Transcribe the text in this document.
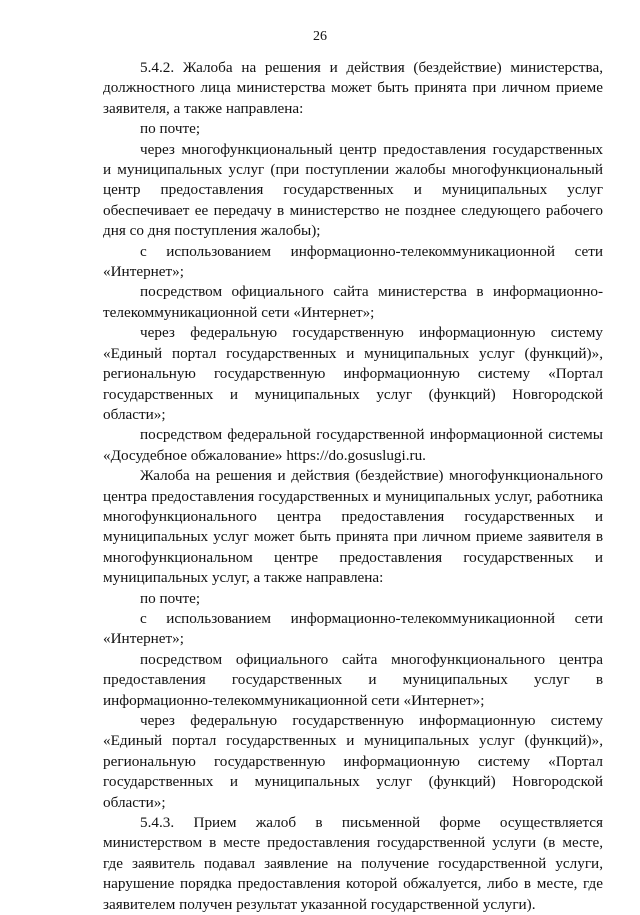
26

5.4.2. Жалоба на решения и действия (бездействие) министерства, должностного лица министерства может быть принята при личном приеме заявителя, а также направлена:

по почте;

через многофункциональный центр предоставления государственных и муниципальных услуг (при поступлении жалобы многофункциональный центр предоставления государственных и муниципальных услуг обеспечивает ее передачу в министерство не позднее следующего рабочего дня со дня поступления жалобы);

с использованием информационно-телекоммуникационной сети «Интернет»;

посредством официального сайта министерства в информационно-телекоммуникационной сети «Интернет»;

через федеральную государственную информационную систему «Единый портал государственных и муниципальных услуг (функций)», региональную государственную информационную систему «Портал государственных и муниципальных услуг (функций) Новгородской области»;

посредством федеральной государственной информационной системы «Досудебное обжалование» https://do.gosuslugi.ru.

Жалоба на решения и действия (бездействие) многофункционального центра предоставления государственных и муниципальных услуг, работника многофункционального центра предоставления государственных и муниципальных услуг может быть принята при личном приеме заявителя в многофункциональном центре предоставления государственных и муниципальных услуг, а также направлена:

по почте;

с использованием информационно-телекоммуникационной сети «Интернет»;

посредством официального сайта многофункционального центра предоставления государственных и муниципальных услуг в информационно-телекоммуникационной сети «Интернет»;

через федеральную государственную информационную систему «Единый портал государственных и муниципальных услуг (функций)», региональную государственную информационную систему «Портал государственных и муниципальных услуг (функций) Новгородской области»;

5.4.3. Прием жалоб в письменной форме осуществляется министерством в месте предоставления государственной услуги (в месте, где заявитель подавал заявление на получение государственной услуги, нарушение порядка предоставления которой обжалуется, либо в месте, где заявителем получен результат указанной государственной услуги).
